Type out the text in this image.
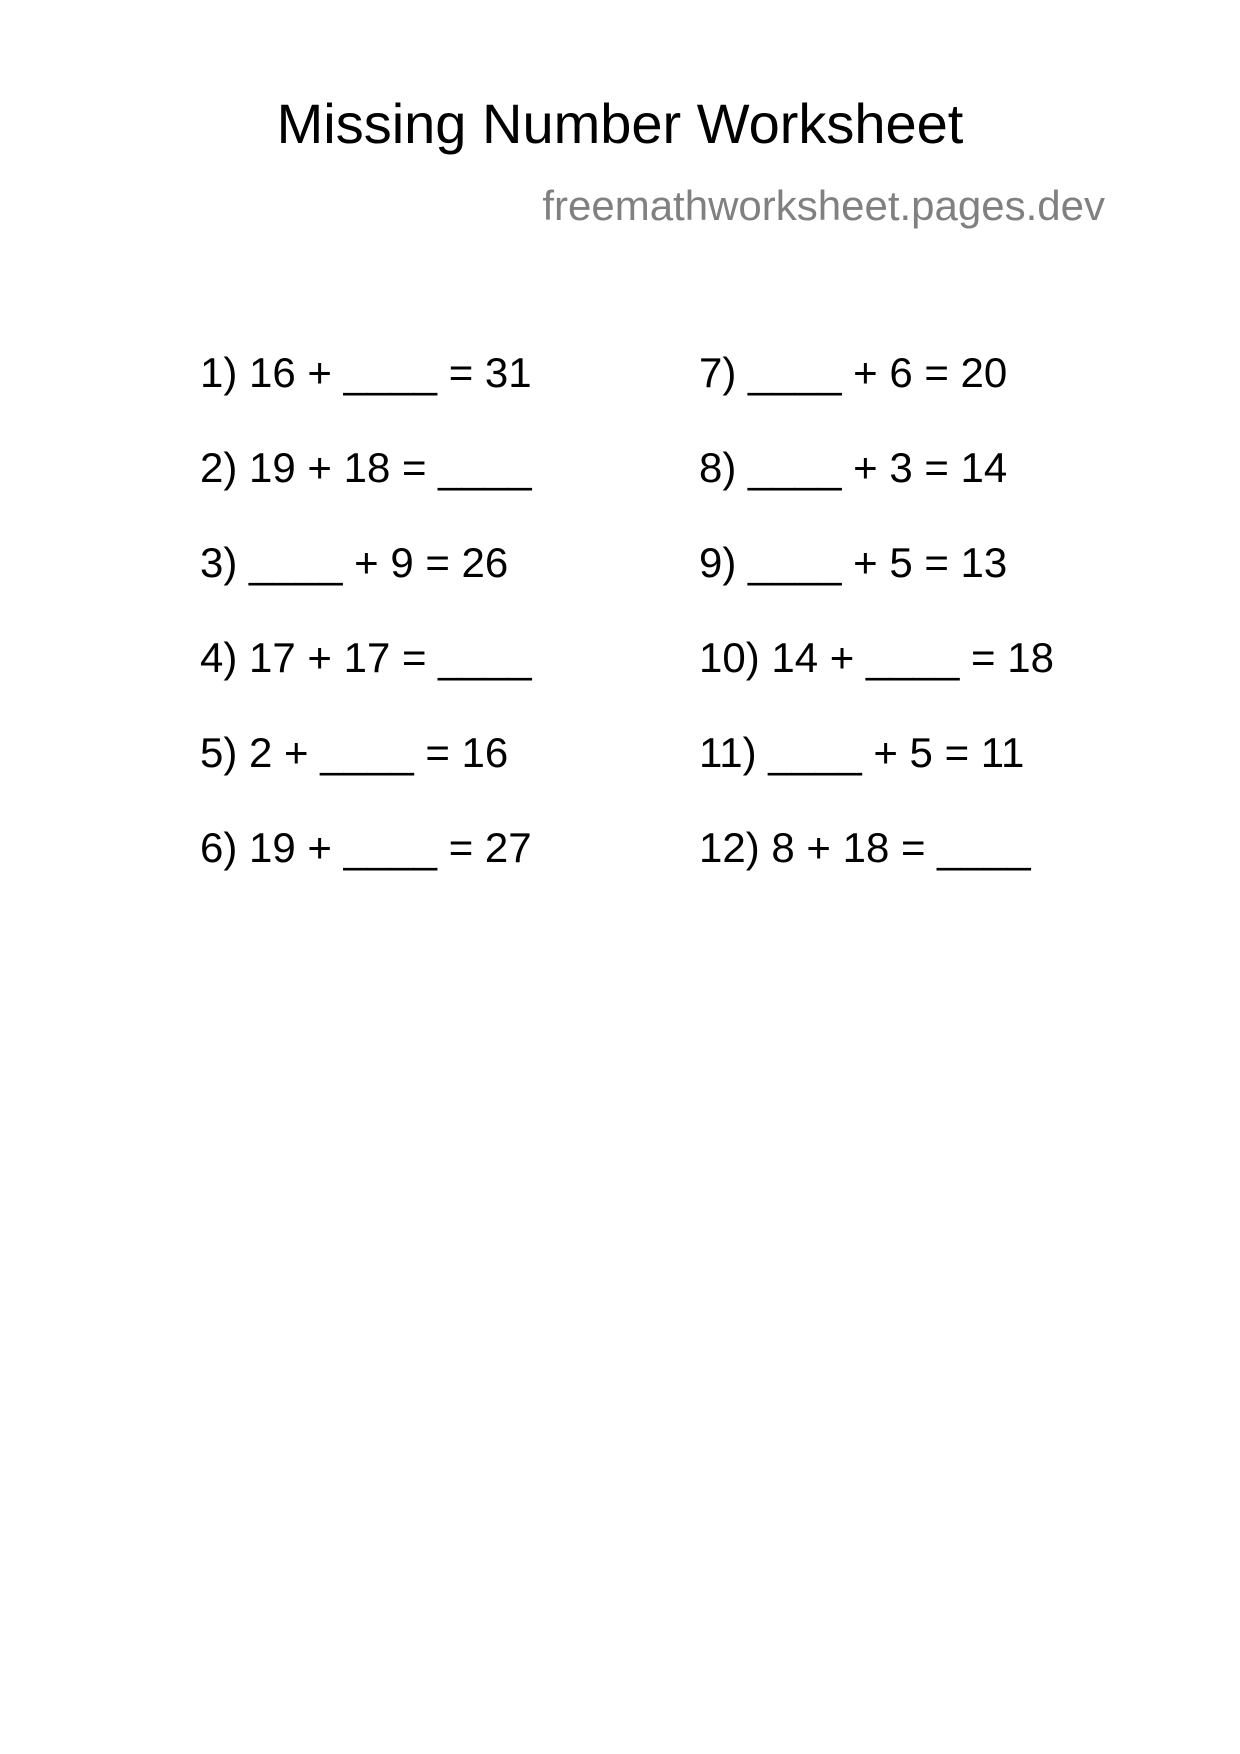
Missing Number Worksheet
freemathworksheet.pages.dev
1) 16 + ____ = 31
2) 19 + 18 = ____
3) ____ + 9 = 26
4) 17 + 17 = ____
5) 2 + ____ = 16
6) 19 + ____ = 27
7) ____ + 6 = 20
8) ____ + 3 = 14
9) ____ + 5 = 13
10) 14 + ____ = 18
11) ____ + 5 = 11
12) 8 + 18 = ____
